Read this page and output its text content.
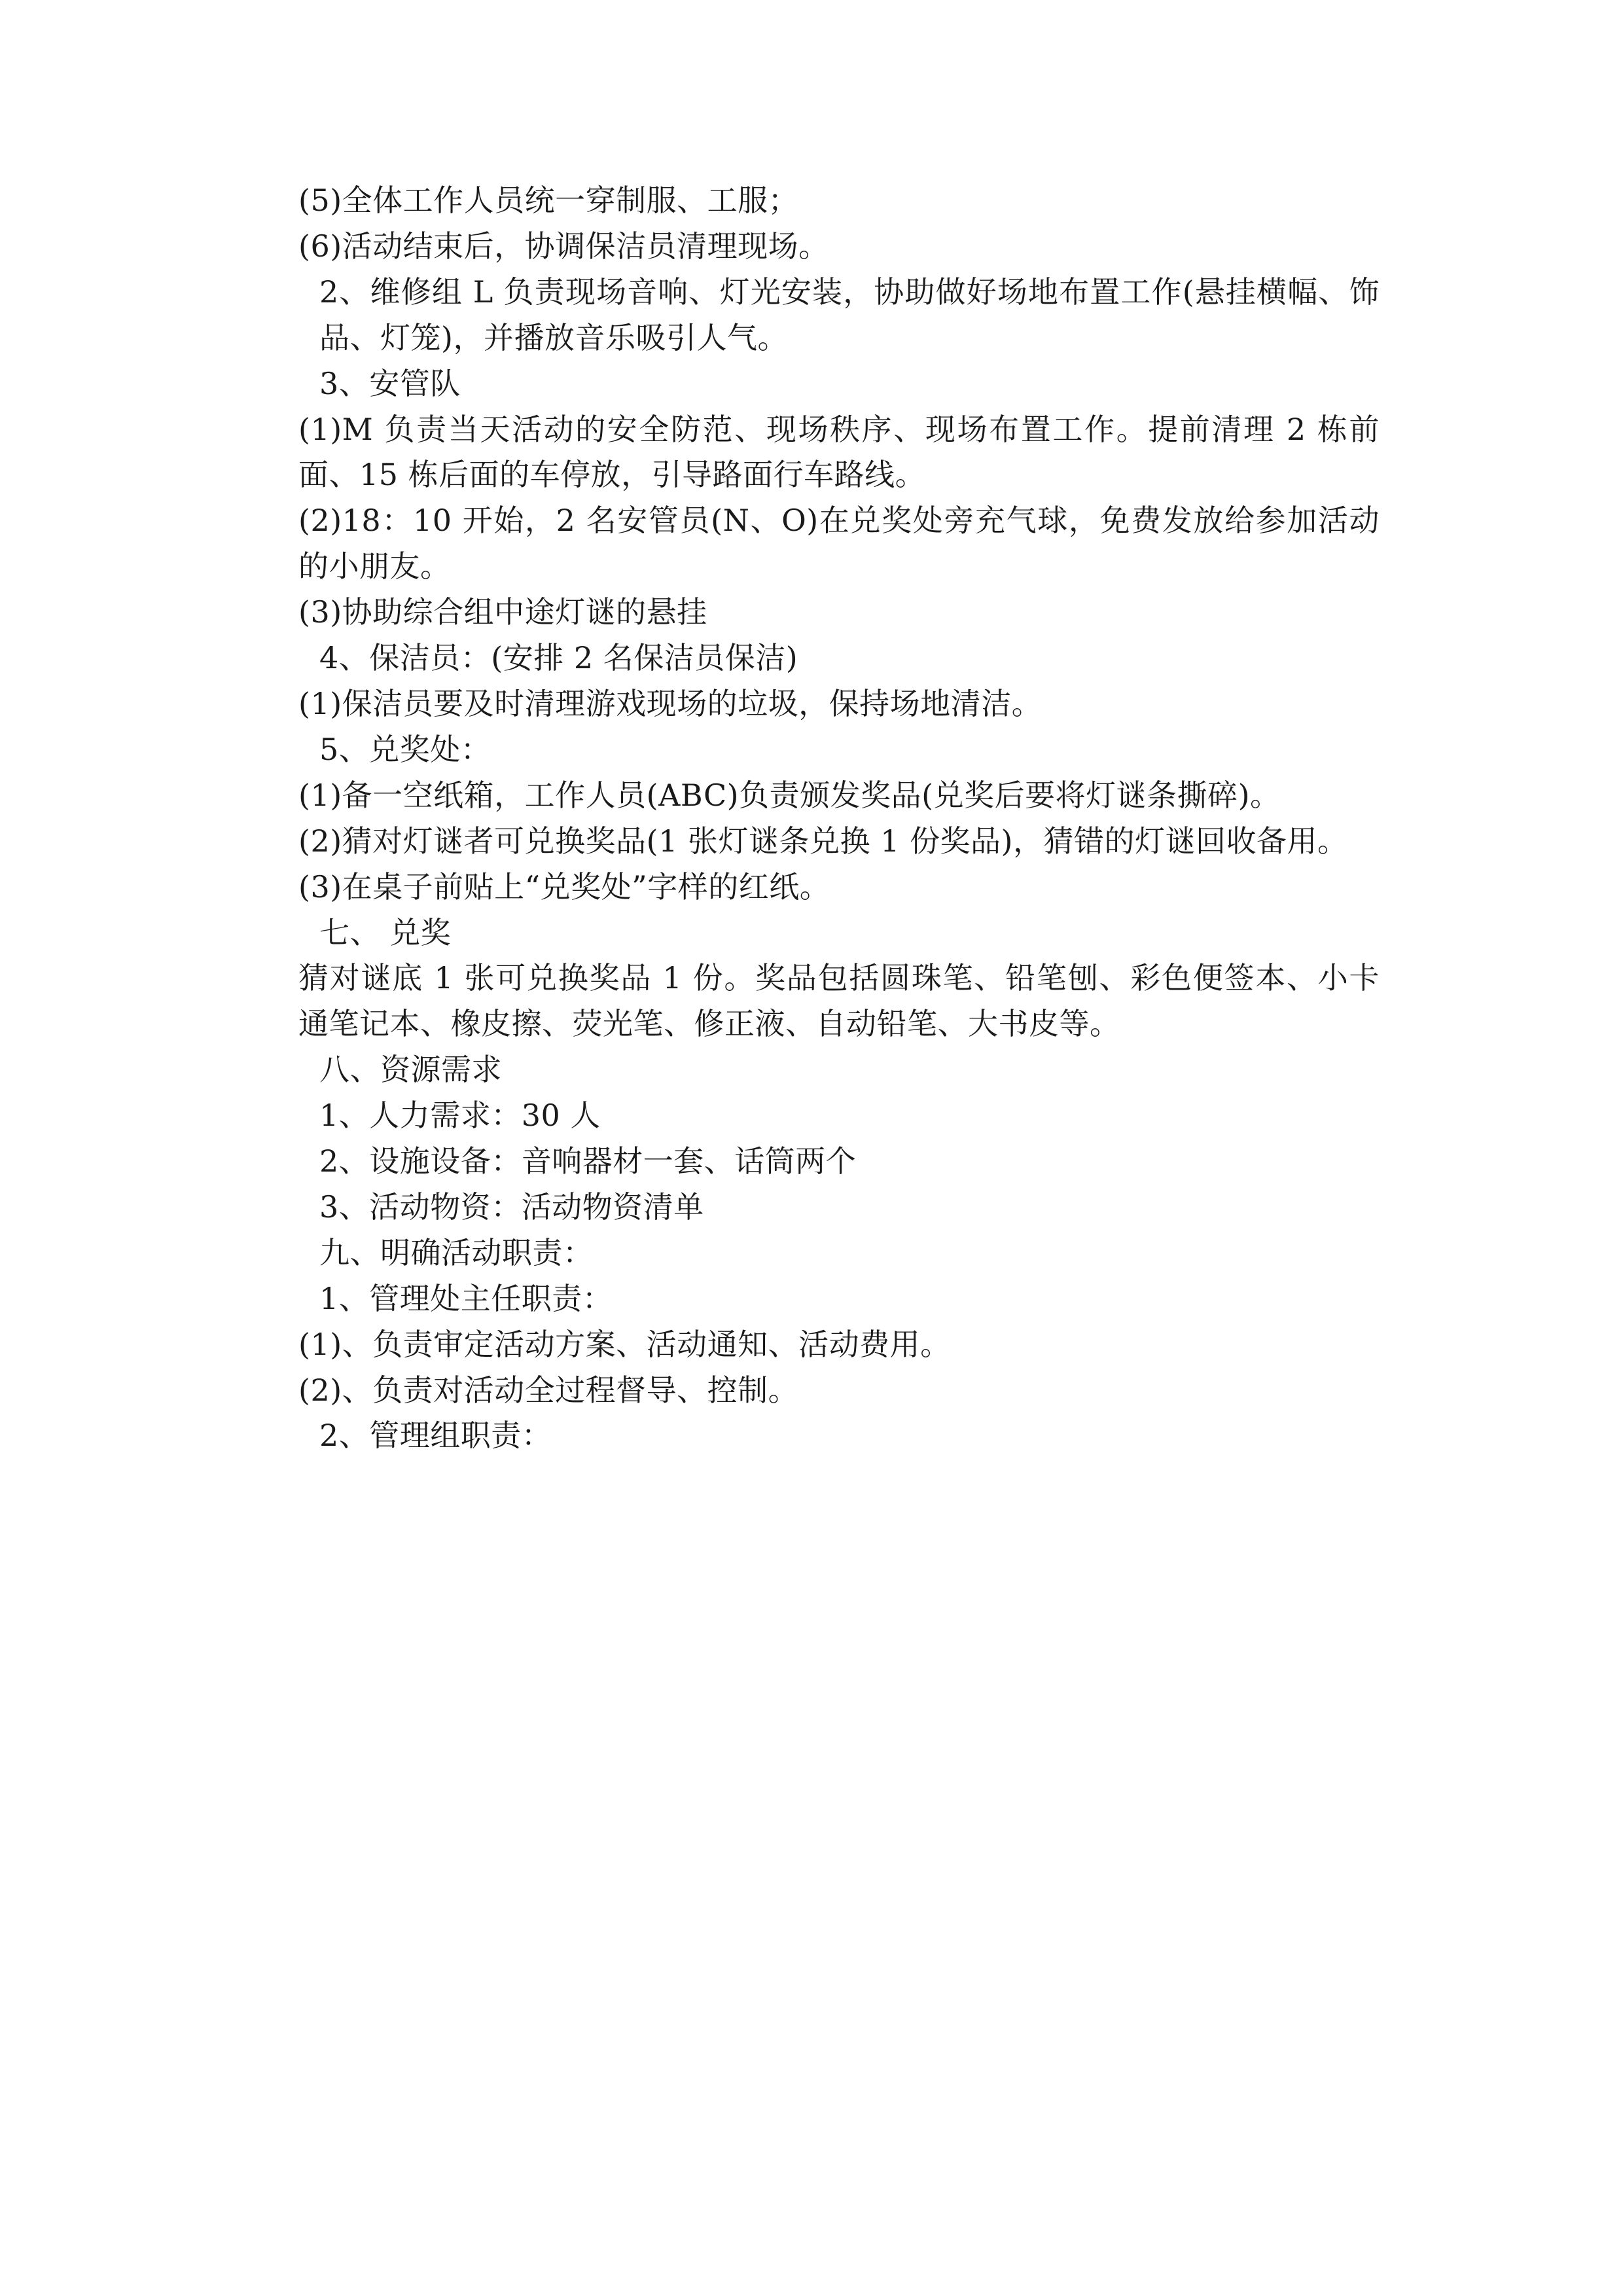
(5)全体工作人员统一穿制服、工服；

(6)活动结束后，协调保洁员清理现场。

2、维修组 L 负责现场音响、灯光安装，协助做好场地布置工作(悬挂横幅、饰品、灯笼)，并播放音乐吸引人气。

3、安管队

(1)M 负责当天活动的安全防范、现场秩序、现场布置工作。提前清理 2 栋前面、15 栋后面的车停放，引导路面行车路线。

(2)18：10 开始，2 名安管员(N、O)在兑奖处旁充气球，免费发放给参加活动的小朋友。

(3)协助综合组中途灯谜的悬挂

4、保洁员：(安排 2 名保洁员保洁)

(1)保洁员要及时清理游戏现场的垃圾，保持场地清洁。

5、兑奖处：

(1)备一空纸箱，工作人员(ABC)负责颁发奖品(兑奖后要将灯谜条撕碎)。

(2)猜对灯谜者可兑换奖品(1 张灯谜条兑换 1 份奖品)，猜错的灯谜回收备用。

(3)在桌子前贴上“兑奖处”字样的红纸。

七、 兑奖

猜对谜底 1 张可兑换奖品 1 份。奖品包括圆珠笔、铅笔刨、彩色便签本、小卡通笔记本、橡皮擦、荧光笔、修正液、自动铅笔、大书皮等。

八、资源需求

1、人力需求：30 人

2、设施设备：音响器材一套、话筒两个

3、活动物资：活动物资清单

九、明确活动职责：

1、管理处主任职责：

(1)、负责审定活动方案、活动通知、活动费用。

(2)、负责对活动全过程督导、控制。

2、管理组职责：
